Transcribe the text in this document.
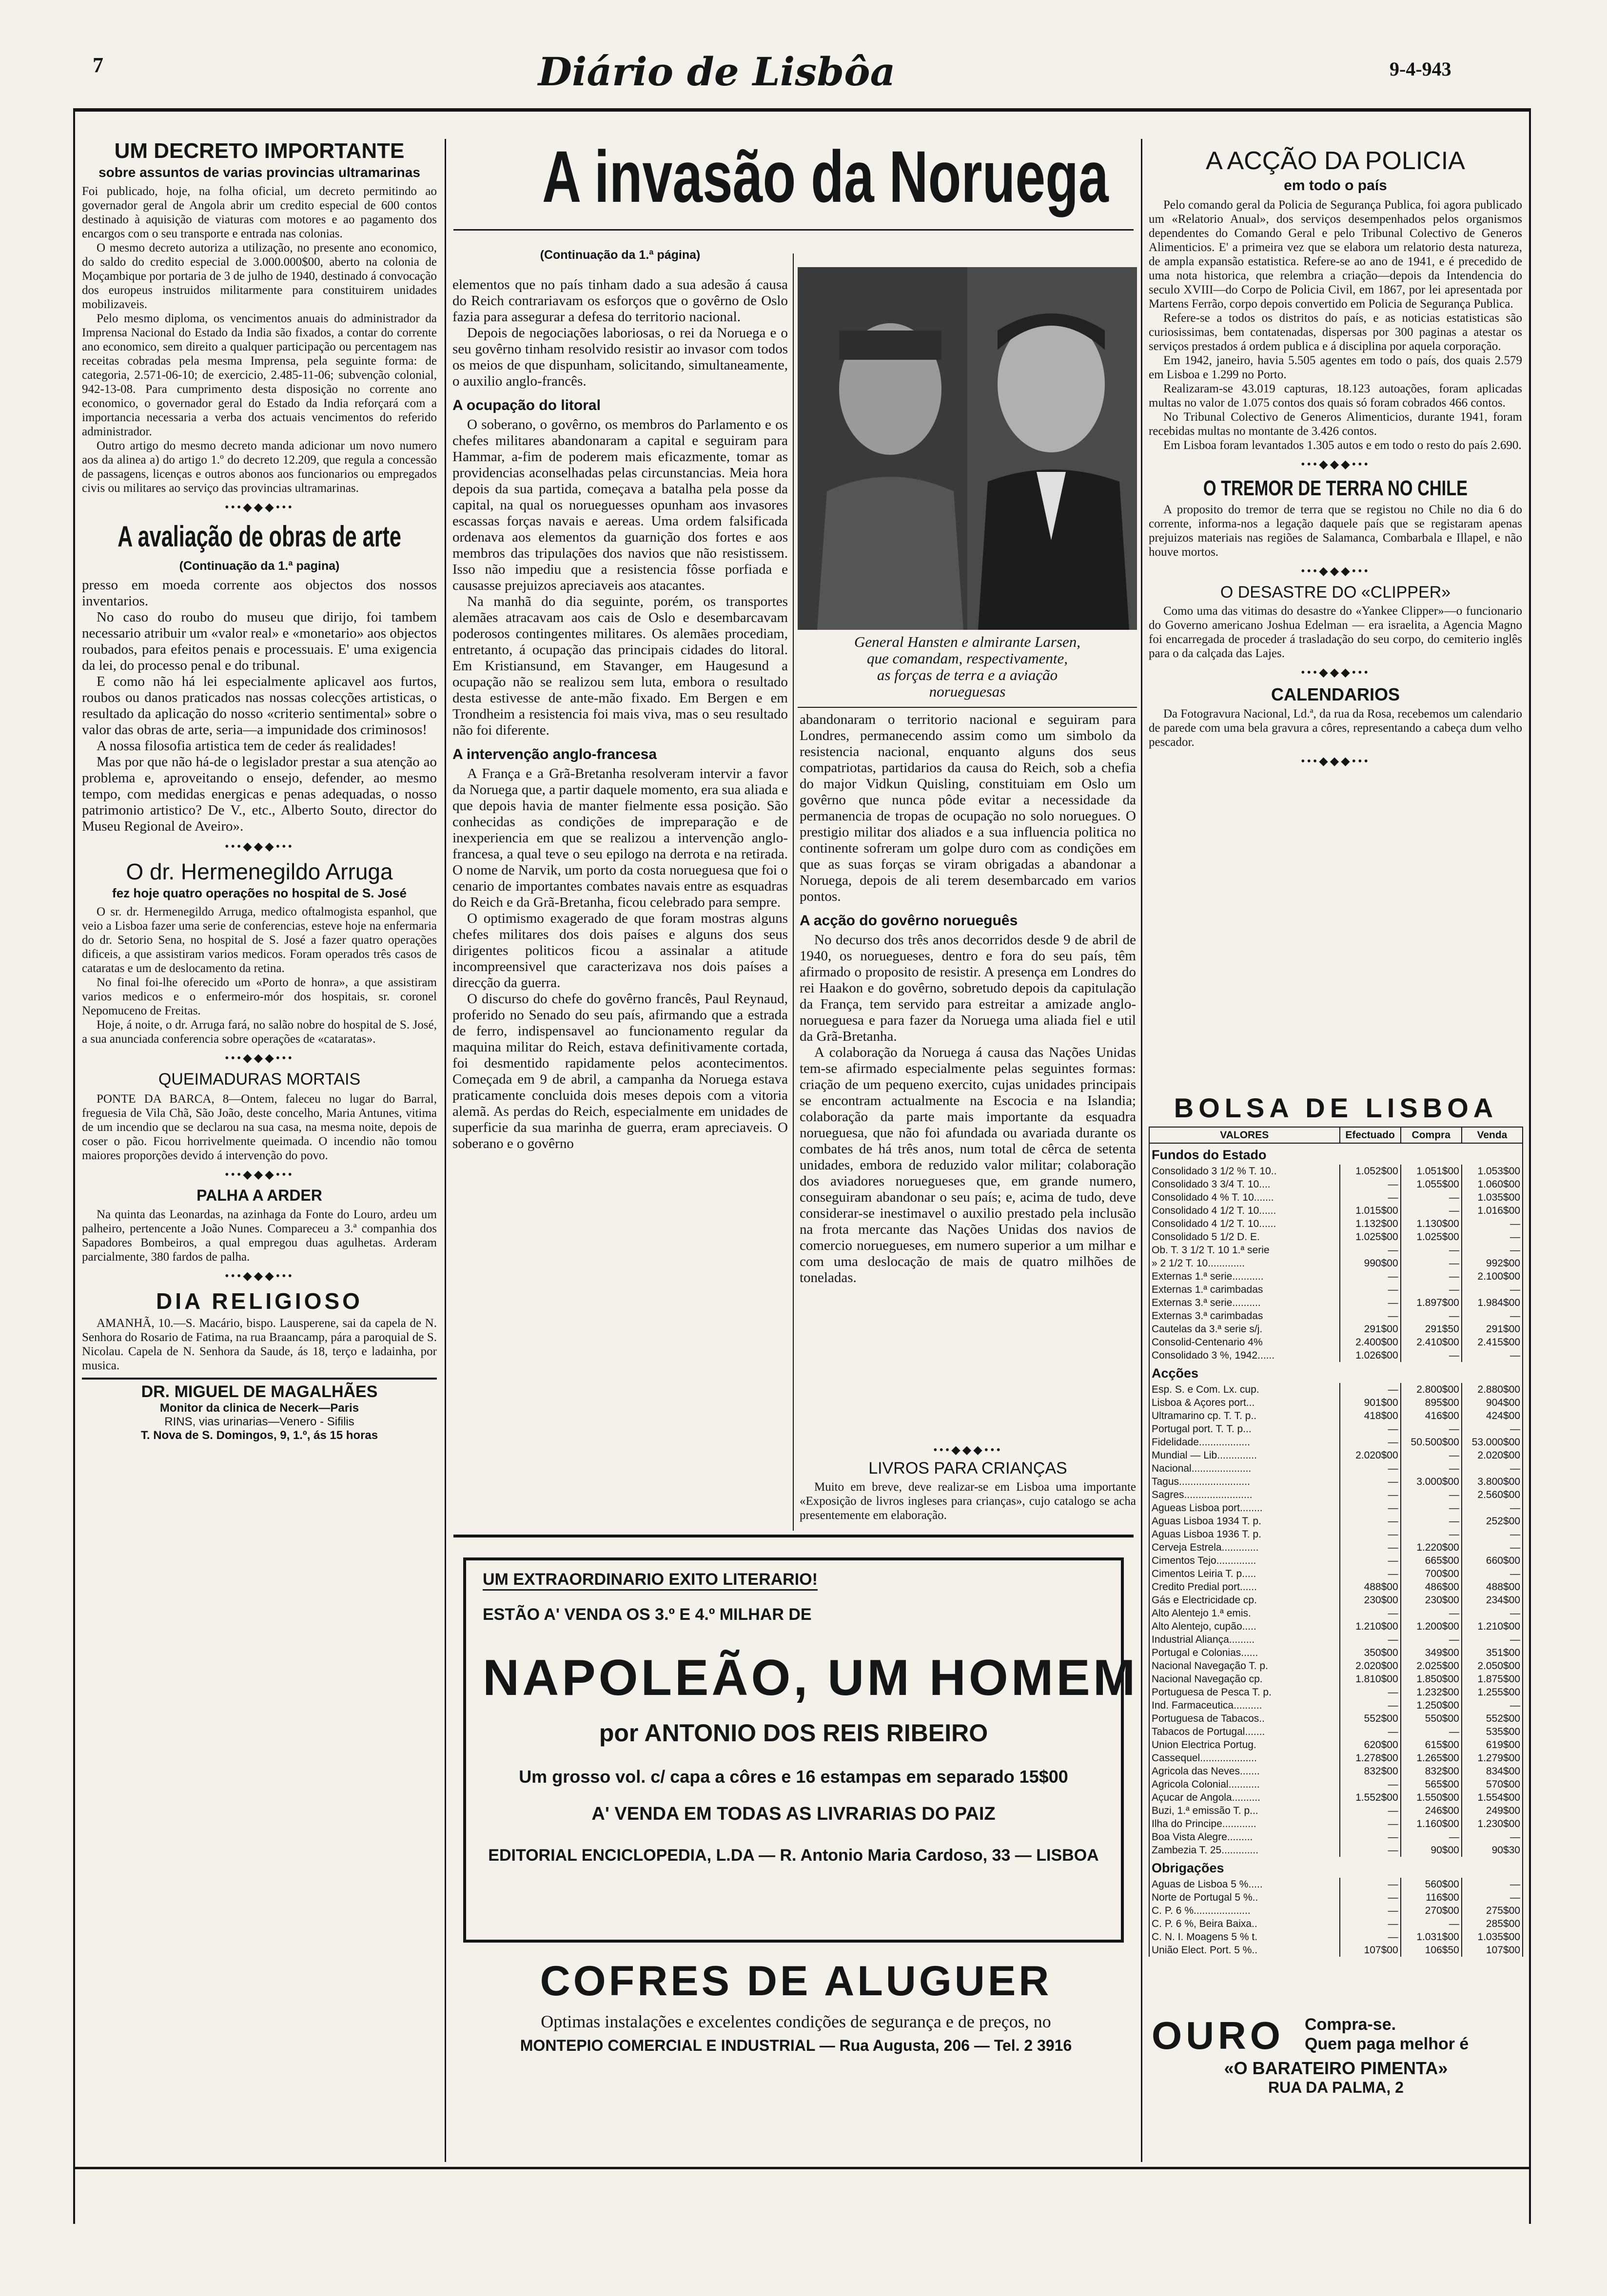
7	Diário de Lisbôa	9-4-943
UM DECRETO IMPORTANTE

sobre assuntos de varias provincias ultramarinas

Foi publicado, hoje, na folha oficial, um decreto permitindo ao governador geral de Angola abrir um credito especial de 600 contos destinado à aquisição de viaturas com motores e ao pagamento dos encargos com o seu transporte e entrada nas colonias.

O mesmo decreto autoriza a utilização, no presente ano economico, do saldo do credito especial de 3.000.000$00, aberto na colonia de Moçambique por portaria de 3 de julho de 1940, destinado á convocação dos europeus instruidos militarmente para constituirem unidades mobilizaveis.

Pelo mesmo diploma, os vencimentos anuais do administrador da Imprensa Nacional do Estado da India são fixados, a contar do corrente ano economico, sem direito a qualquer participação ou percentagem nas receitas cobradas pela mesma Imprensa, pela seguinte forma: de categoria, 2.571-06-10; de exercicio, 2.485-11-06; subvenção colonial, 942-13-08. Para cumprimento desta disposição no corrente ano economico, o governador geral do Estado da India reforçará com a importancia necessaria a verba dos actuais vencimentos do referido administrador.

Outro artigo do mesmo decreto manda adicionar um novo numero aos da alinea a) do artigo 1.º do decreto 12.209, que regula a concessão de passagens, licenças e outros abonos aos funcionarios ou empregados civis ou militares ao serviço das provincias ultramarinas.

•••◆◆◆•••
A avaliação de obras de arte

(Continuação da 1.ª pagina)

presso em moeda corrente aos objectos dos nossos inventarios.

No caso do roubo do museu que dirijo, foi tambem necessario atribuir um «valor real» e «monetario» aos objectos roubados, para efeitos penais e processuais. E' uma exigencia da lei, do processo penal e do tribunal.

E como não há lei especialmente aplicavel aos furtos, roubos ou danos praticados nas nossas colecções artisticas, o resultado da aplicação do nosso «criterio sentimental» sobre o valor das obras de arte, seria—a impunidade dos criminosos!

A nossa filosofia artistica tem de ceder ás realidades!

Mas por que não há-de o legislador prestar a sua atenção ao problema e, aproveitando o ensejo, defender, ao mesmo tempo, com medidas energicas e penas adequadas, o nosso patrimonio artistico? De V., etc., Alberto Souto, director do Museu Regional de Aveiro».

•••◆◆◆•••
O dr. Hermenegildo Arruga

fez hoje quatro operações no hospital de S. José

O sr. dr. Hermenegildo Arruga, medico oftalmogista espanhol, que veio a Lisboa fazer uma serie de conferencias, esteve hoje na enfermaria do dr. Setorio Sena, no hospital de S. José a fazer quatro operações dificeis, a que assistiram varios medicos. Foram operados três casos de cataratas e um de deslocamento da retina.

No final foi-lhe oferecido um «Porto de honra», a que assistiram varios medicos e o enfermeiro-mór dos hospitais, sr. coronel Nepomuceno de Freitas.

Hoje, á noite, o dr. Arruga fará, no salão nobre do hospital de S. José, a sua anunciada conferencia sobre operações de «cataratas».

•••◆◆◆•••
QUEIMADURAS MORTAIS

PONTE DA BARCA, 8—Ontem, faleceu no lugar do Barral, freguesia de Vila Chã, São João, deste concelho, Maria Antunes, vitima de um incendio que se declarou na sua casa, na mesma noite, depois de coser o pão. Ficou horrivelmente queimada. O incendio não tomou maiores proporções devido á intervenção do povo.

•••◆◆◆•••
PALHA A ARDER

Na quinta das Leonardas, na azinhaga da Fonte do Louro, ardeu um palheiro, pertencente a João Nunes. Compareceu a 3.ª companhia dos Sapadores Bombeiros, a qual empregou duas agulhetas. Arderam parcialmente, 380 fardos de palha.

•••◆◆◆•••
DIA RELIGIOSO

AMANHÃ, 10.—S. Macário, bispo. Lausperene, sai da capela de N. Senhora do Rosario de Fatima, na rua Braancamp, pára a paroquial de S. Nicolau. Capela de N. Senhora da Saude, ás 18, terço e ladainha, por musica.

DR. MIGUEL DE MAGALHÃES

Monitor da clinica de Necerk—Paris

RINS, vias urinarias—Venero - Sifilis

T. Nova de S. Domingos, 9, 1.º, ás 15 horas

A invasão da Noruega

(Continuação da 1.ª página)

elementos que no país tinham dado a sua adesão á causa do Reich contrariavam os esforços que o govêrno de Oslo fazia para assegurar a defesa do territorio nacional.

Depois de negociações laboriosas, o rei da Noruega e o seu govêrno tinham resolvido resistir ao invasor com todos os meios de que dispunham, solicitando, simultaneamente, o auxilio anglo-francês.

A ocupação do litoral

O soberano, o govêrno, os membros do Parlamento e os chefes militares abandonaram a capital e seguiram para Hammar, a-fim de poderem mais eficazmente, tomar as providencias aconselhadas pelas circunstancias. Meia hora depois da sua partida, começava a batalha pela posse da capital, na qual os norueguesses opunham aos invasores escassas forças navais e aereas. Uma ordem falsificada ordenava aos elementos da guarnição dos fortes e aos membros das tripulações dos navios que não resistissem. Isso não impediu que a resistencia fôsse porfiada e causasse prejuizos apreciaveis aos atacantes.

Na manhã do dia seguinte, porém, os transportes alemães atracavam aos cais de Oslo e desembarcavam poderosos contingentes militares. Os alemães procediam, entretanto, á ocupação das principais cidades do litoral. Em Kristiansund, em Stavanger, em Haugesund a ocupação não se realizou sem luta, embora o resultado desta estivesse de ante-mão fixado. Em Bergen e em Trondheim a resistencia foi mais viva, mas o seu resultado não foi diferente.

A intervenção anglo-francesa

A França e a Grã-Bretanha resolveram intervir a favor da Noruega que, a partir daquele momento, era sua aliada e que depois havia de manter fielmente essa posição. São conhecidas as condições de impreparação e de inexperiencia em que se realizou a intervenção anglo-francesa, a qual teve o seu epilogo na derrota e na retirada. O nome de Narvik, um porto da costa norueguesa que foi o cenario de importantes combates navais entre as esquadras do Reich e da Grã-Bretanha, ficou celebrado para sempre.

O optimismo exagerado de que foram mostras alguns chefes militares dos dois países e alguns dos seus dirigentes politicos ficou a assinalar a atitude incompreensivel que caracterizava nos dois países a direcção da guerra.

O discurso do chefe do govêrno francês, Paul Reynaud, proferido no Senado do seu país, afirmando que a estrada de ferro, indispensavel ao funcionamento regular da maquina militar do Reich, estava definitivamente cortada, foi desmentido rapidamente pelos acontecimentos. Começada em 9 de abril, a campanha da Noruega estava praticamente concluida dois meses depois com a vitoria alemã. As perdas do Reich, especialmente em unidades de superficie da sua marinha de guerra, eram apreciaveis. O soberano e o govêrno

General Hansten e almirante Larsen,

que comandam, respectivamente,

as forças de terra e a aviação

norueguesas

abandonaram o territorio nacional e seguiram para Londres, permanecendo assim como um simbolo da resistencia nacional, enquanto alguns dos seus compatriotas, partidarios da causa do Reich, sob a chefia do major Vidkun Quisling, constituiam em Oslo um govêrno que nunca pôde evitar a necessidade da permanencia de tropas de ocupação no solo noruegues. O prestigio militar dos aliados e a sua influencia politica no continente sofreram um golpe duro com as condições em que as suas forças se viram obrigadas a abandonar a Noruega, depois de ali terem desembarcado em varios pontos.

A acção do govêrno norueguês

No decurso dos três anos decorridos desde 9 de abril de 1940, os noruegueses, dentro e fora do seu país, têm afirmado o proposito de resistir. A presença em Londres do rei Haakon e do govêrno, sobretudo depois da capitulação da França, tem servido para estreitar a amizade anglo-norueguesa e para fazer da Noruega uma aliada fiel e util da Grã-Bretanha.

A colaboração da Noruega á causa das Nações Unidas tem-se afirmado especialmente pelas seguintes formas: criação de um pequeno exercito, cujas unidades principais se encontram actualmente na Escocia e na Islandia; colaboração da parte mais importante da esquadra norueguesa, que não foi afundada ou avariada durante os combates de há três anos, num total de cêrca de setenta unidades, embora de reduzido valor militar; colaboração dos aviadores noruegueses que, em grande numero, conseguiram abandonar o seu país; e, acima de tudo, deve considerar-se inestimavel o auxilio prestado pela inclusão na frota mercante das Nações Unidas dos navios de comercio noruegueses, em numero superior a um milhar e com uma deslocação de mais de quatro milhões de toneladas.

•••◆◆◆•••
LIVROS PARA CRIANÇAS

Muito em breve, deve realizar-se em Lisboa uma importante «Exposição de livros ingleses para crianças», cujo catalogo se acha presentemente em elaboração.

UM EXTRAORDINARIO EXITO LITERARIO!

ESTÃO A' VENDA OS 3.º E 4.º MILHAR DE

NAPOLEÃO, UM HOMEM

por ANTONIO DOS REIS RIBEIRO

Um grosso vol. c/ capa a côres e 16 estampas em separado 15$00

A' VENDA EM TODAS AS LIVRARIAS DO PAIZ

EDITORIAL ENCICLOPEDIA, L.DA — R. Antonio Maria Cardoso, 33 — LISBOA

COFRES DE ALUGUER

Optimas instalações e excelentes condições de segurança e de preços, no

MONTEPIO COMERCIAL E INDUSTRIAL — Rua Augusta, 206 — Tel. 2 3916

A ACÇÃO DA POLICIA

em todo o país

Pelo comando geral da Policia de Segurança Publica, foi agora publicado um «Relatorio Anual», dos serviços desempenhados pelos organismos dependentes do Comando Geral e pelo Tribunal Colectivo de Generos Alimenticios. E' a primeira vez que se elabora um relatorio desta natureza, de ampla expansão estatistica. Refere-se ao ano de 1941, e é precedido de uma nota historica, que relembra a criação—depois da Intendencia do seculo XVIII—do Corpo de Policia Civil, em 1867, por lei apresentada por Martens Ferrão, corpo depois convertido em Policia de Segurança Publica.

Refere-se a todos os distritos do país, e as noticias estatisticas são curiosissimas, bem contatenadas, dispersas por 300 paginas a atestar os serviços prestados á ordem publica e á disciplina por aquela corporação.

Em 1942, janeiro, havia 5.505 agentes em todo o país, dos quais 2.579 em Lisboa e 1.299 no Porto.

Realizaram-se 43.019 capturas, 18.123 autoações, foram aplicadas multas no valor de 1.075 contos dos quais só foram cobrados 466 contos.

No Tribunal Colectivo de Generos Alimenticios, durante 1941, foram recebidas multas no montante de 3.426 contos.

Em Lisboa foram levantados 1.305 autos e em todo o resto do país 2.690.

•••◆◆◆•••
O TREMOR DE TERRA NO CHILE

A proposito do tremor de terra que se registou no Chile no dia 6 do corrente, informa-nos a legação daquele país que se registaram apenas prejuizos materiais nas regiões de Salamanca, Combarbala e Illapel, e não houve mortos.

•••◆◆◆•••
O DESASTRE DO «CLIPPER»

Como uma das vitimas do desastre do «Yankee Clipper»—o funcionario do Governo americano Joshua Edelman — era israelita, a Agencia Magno foi encarregada de proceder á trasladação do seu corpo, do cemiterio inglês para o da calçada das Lajes.

•••◆◆◆•••
CALENDARIOS

Da Fotogravura Nacional, Ld.ª, da rua da Rosa, recebemos um calendario de parede com uma bela gravura a côres, representando a cabeça dum velho pescador.

•••◆◆◆•••
BOLSA DE LISBOA
VALORES	Efectuado	Compra	Venda
Fundos do Estado			
Consolidado 3 1/2 % T. 10..	1.052$00	1.051$00	1.053$00
Consolidado 3 3/4 T. 10....	—	1.055$00	1.060$00
Consolidado 4 % T. 10.......	—	—	1.035$00
Consolidado 4 1/2 T. 10......	1.015$00	—	1.016$00
Consolidado 4 1/2 T. 10......	1.132$00	1.130$00	—
Consolidado 5 1/2 D. E.	1.025$00	1.025$00	—
Ob. T. 3 1/2 T. 10 1.ª serie	—	—	—
» 2 1/2 T. 10.............	990$00	—	992$00
Externas 1.ª serie...........	—	—	2.100$00
Externas 1.ª carimbadas	—	—	—
Externas 3.ª serie..........	—	1.897$00	1.984$00
Externas 3.ª carimbadas	—	—	—
Cautelas da 3.ª serie s/j.	291$00	291$50	291$00
Consolid-Centenario 4%	2.400$00	2.410$00	2.415$00
Consolidado 3 %, 1942......	1.026$00	—	—
Acções			
Esp. S. e Com. Lx. cup.	—	2.800$00	2.880$00
Lisboa & Açores port...	901$00	895$00	904$00
Ultramarino cp. T. T. p..	418$00	416$00	424$00
Portugal port. T. T. p...	—	—	—
Fidelidade..................	—	50.500$00	53.000$00
Mundial — Lib..............	2.020$00	—	2.020$00
Nacional.....................	—	—	—
Tagus.........................	—	3.000$00	3.800$00
Sagres........................	—	—	2.560$00
Agueas Lisboa port........	—	—	—
Aguas Lisboa 1934 T. p.	—	—	252$00
Aguas Lisboa 1936 T. p.	—	—	—
Cerveja Estrela.............	—	1.220$00	—
Cimentos Tejo..............	—	665$00	660$00
Cimentos Leiria T. p.....	—	700$00	—
Credito Predial port......	488$00	486$00	488$00
Gás e Electricidade cp.	230$00	230$00	234$00
Alto Alentejo 1.ª emis.	—	—	—
Alto Alentejo, cupão.....	1.210$00	1.200$00	1.210$00
Industrial Aliança.........	—	—	—
Portugal e Colonias......	350$00	349$00	351$00
Nacional Navegação T. p.	2.020$00	2.025$00	2.050$00
Nacional Navegação cp.	1.810$00	1.850$00	1.875$00
Portuguesa de Pesca T. p.	—	1.232$00	1.255$00
Ind. Farmaceutica..........	—	1.250$00	—
Portuguesa de Tabacos..	552$00	550$00	552$00
Tabacos de Portugal.......	—	—	535$00
Union Electrica Portug.	620$00	615$00	619$00
Cassequel....................	1.278$00	1.265$00	1.279$00
Agricola das Neves.......	832$00	832$00	834$00
Agricola Colonial...........	—	565$00	570$00
Açucar de Angola..........	1.552$00	1.550$00	1.554$00
Buzi, 1.ª emissão T. p...	—	246$00	249$00
Ilha do Principe............	—	1.160$00	1.230$00
Boa Vista Alegre.........	—	—	—
Zambezia T. 25.............	—	90$00	90$30
Obrigações			
Aguas de Lisboa 5 %.....	—	560$00	—
Norte de Portugal 5 %..	—	116$00	—
C. P. 6 %....................	—	270$00	275$00
C. P. 6 %, Beira Baixa..	—	—	285$00
C. N. I. Moagens 5 % t.	—	1.031$00	1.035$00
União Elect. Port. 5 %..	107$00	106$50	107$00
OURO Compra-se.
Quem paga melhor é
«O BARATEIRO PIMENTA»
RUA DA PALMA, 2
